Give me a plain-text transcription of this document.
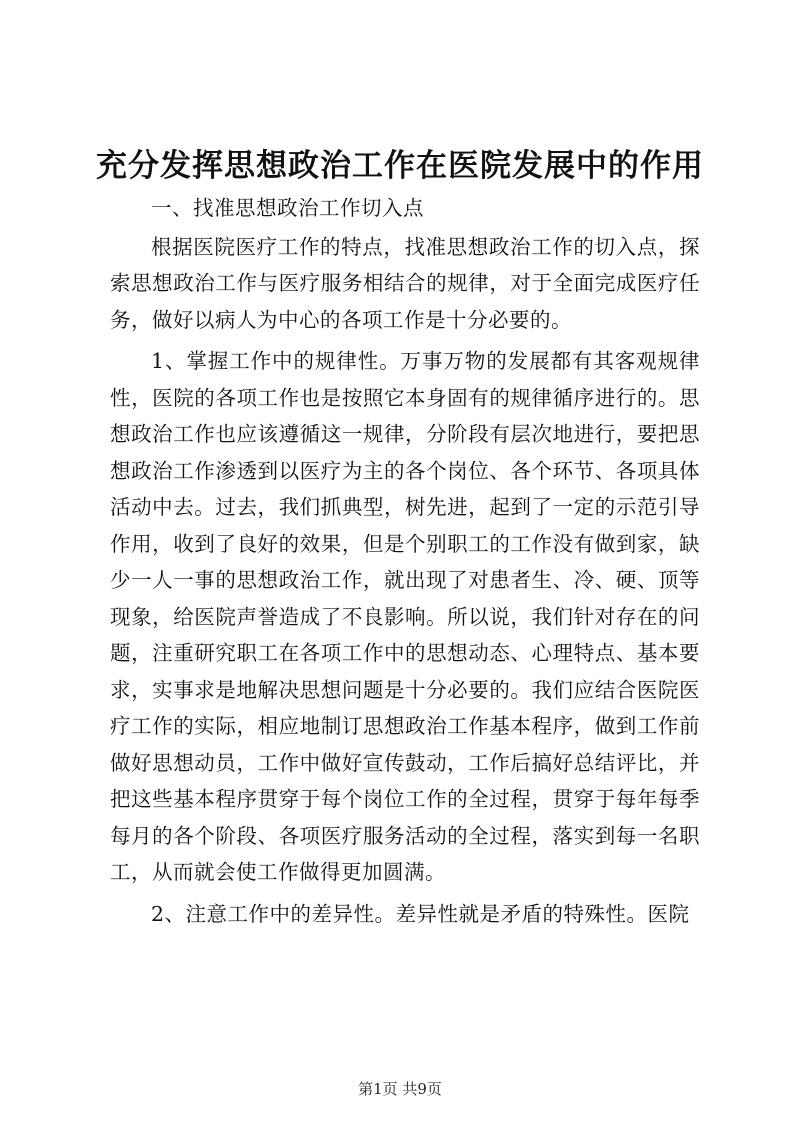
充分发挥思想政治工作在医院发展中的作用

一、找准思想政治工作切入点

根据医院医疗工作的特点，找准思想政治工作的切入点，探索思想政治工作与医疗服务相结合的规律，对于全面完成医疗任务，做好以病人为中心的各项工作是十分必要的。

1、掌握工作中的规律性。万事万物的发展都有其客观规律性，医院的各项工作也是按照它本身固有的规律循序进行的。思想政治工作也应该遵循这一规律，分阶段有层次地进行，要把思想政治工作渗透到以医疗为主的各个岗位、各个环节、各项具体活动中去。过去，我们抓典型，树先进，起到了一定的示范引导作用，收到了良好的效果，但是个别职工的工作没有做到家，缺少一人一事的思想政治工作，就出现了对患者生、冷、硬、顶等现象，给医院声誉造成了不良影响。所以说，我们针对存在的问题，注重研究职工在各项工作中的思想动态、心理特点、基本要求，实事求是地解决思想问题是十分必要的。我们应结合医院医疗工作的实际，相应地制订思想政治工作基本程序，做到工作前做好思想动员，工作中做好宣传鼓动，工作后搞好总结评比，并把这些基本程序贯穿于每个岗位工作的全过程，贯穿于每年每季每月的各个阶段、各项医疗服务活动的全过程，落实到每一名职工，从而就会使工作做得更加圆满。

2、注意工作中的差异性。差异性就是矛盾的特殊性。医院

第1页 共9页
